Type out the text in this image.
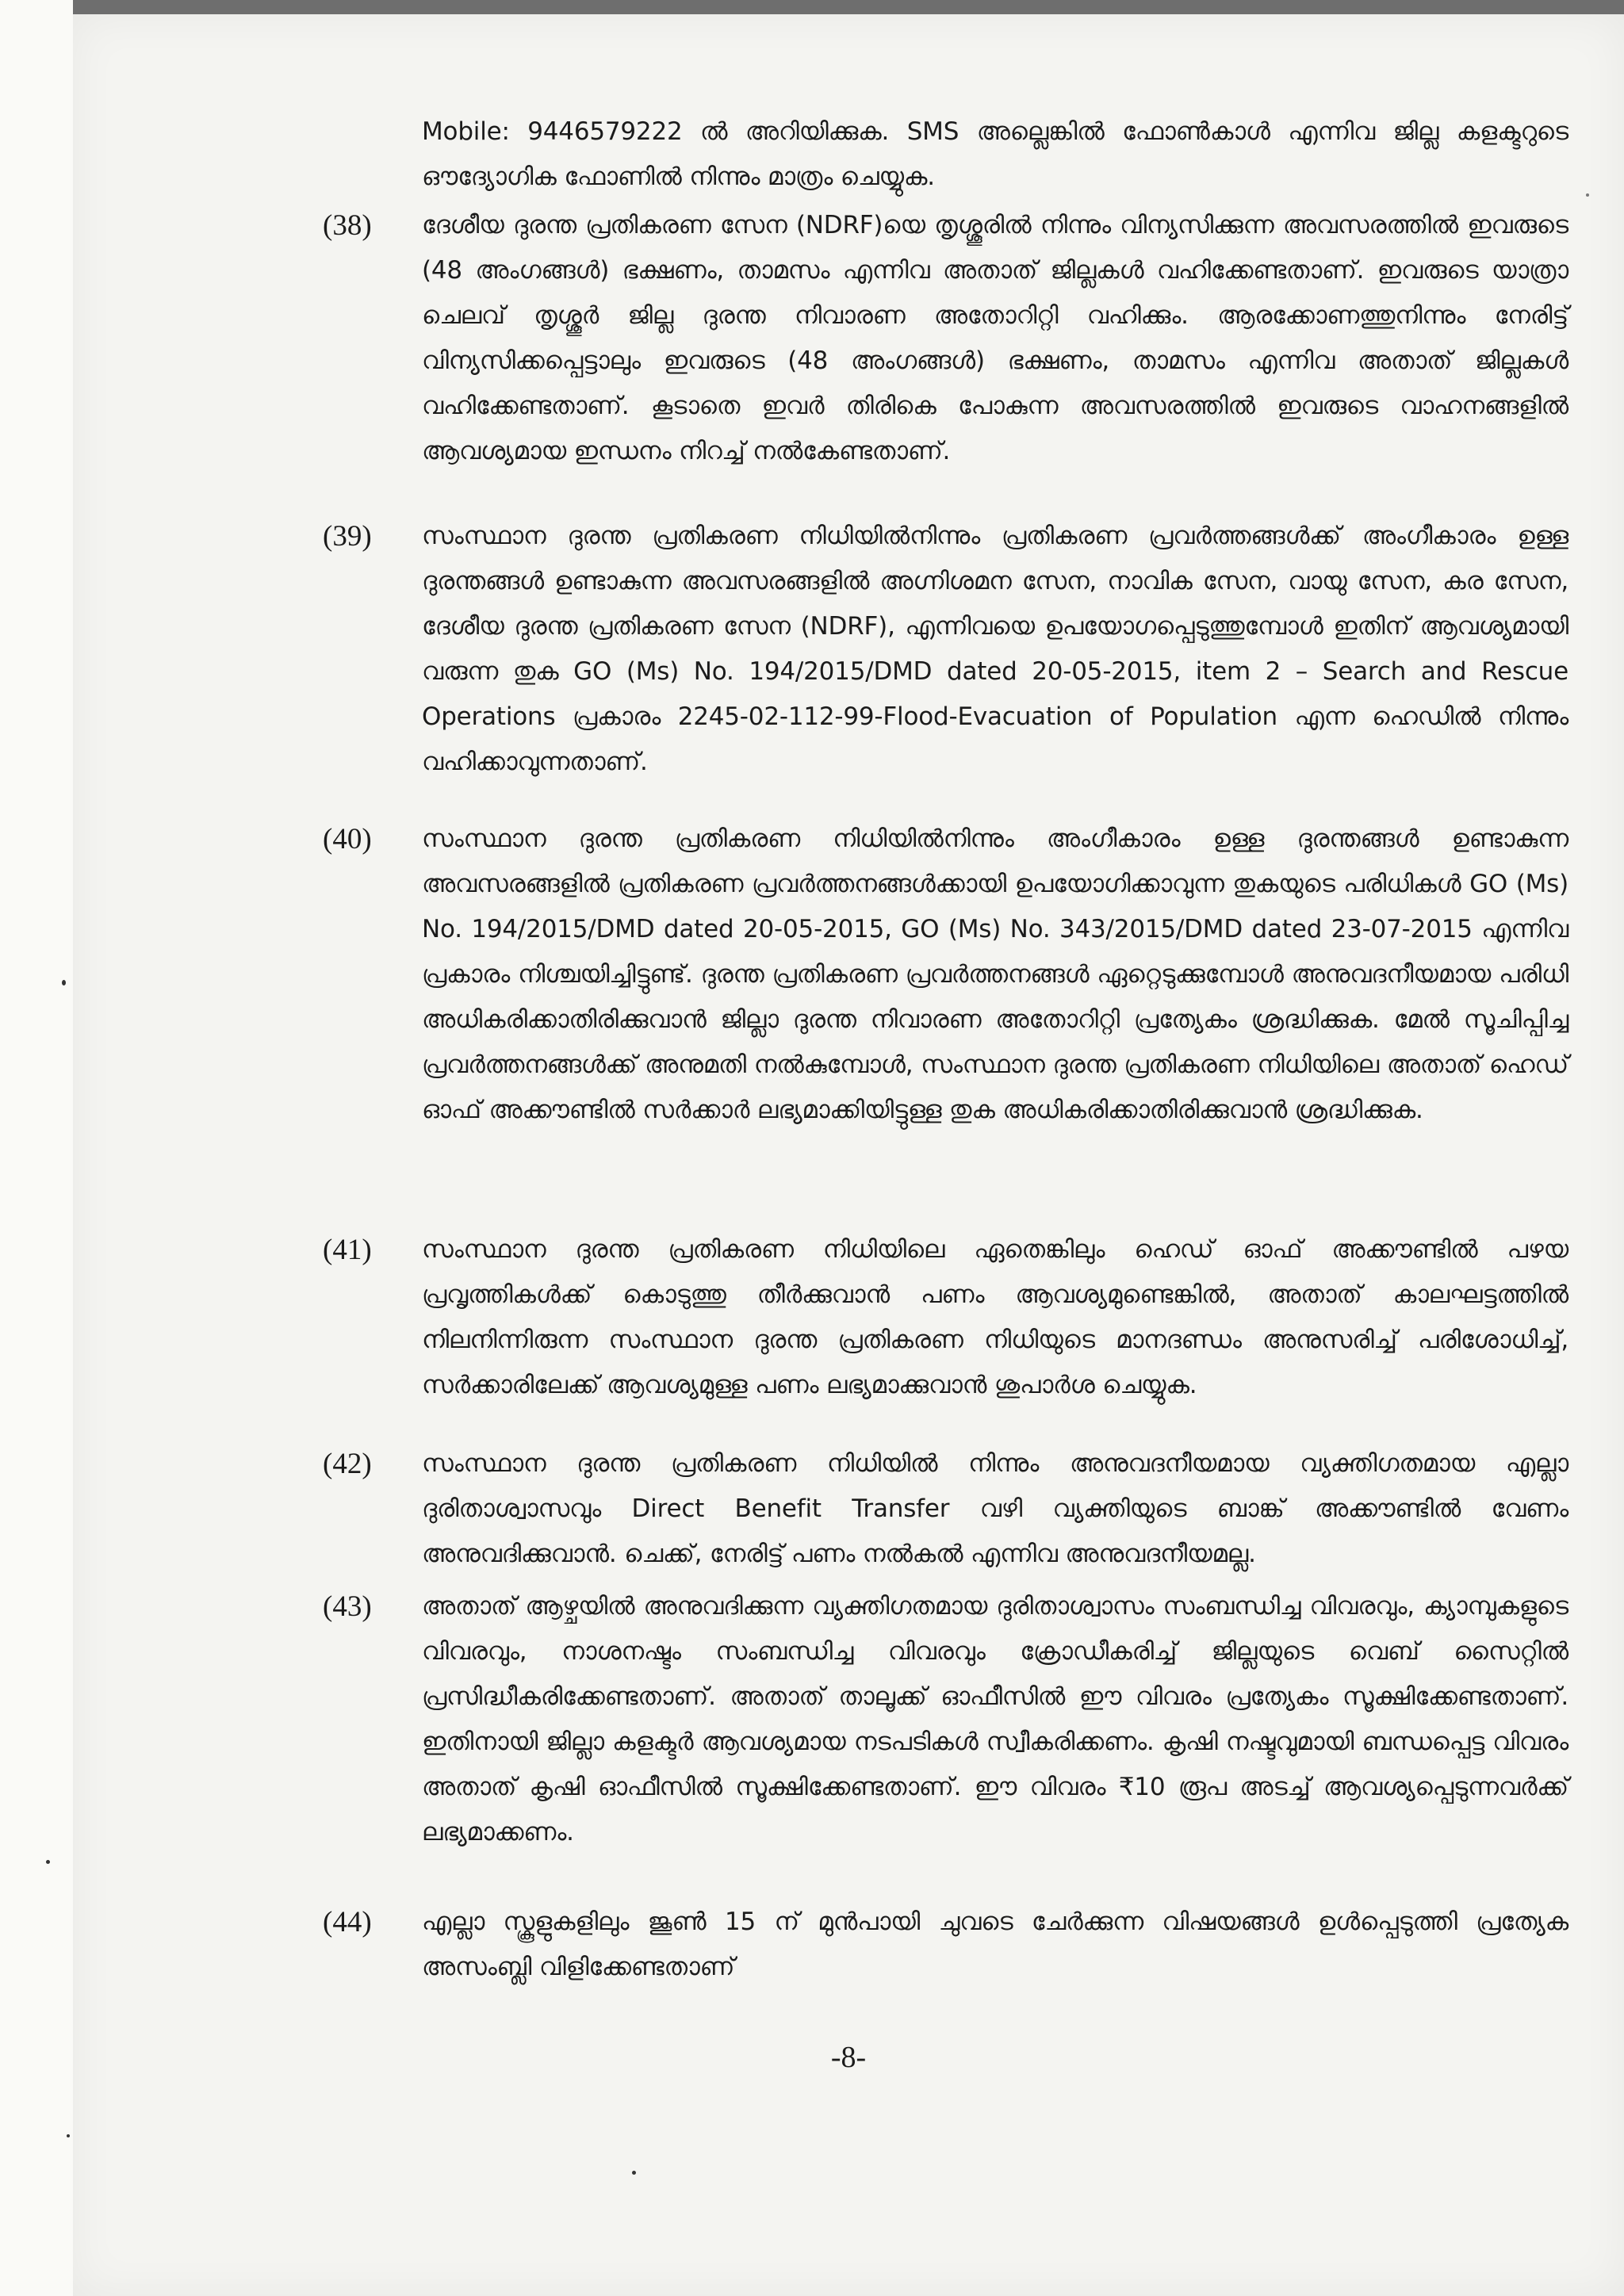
Mobile: 9446579222 ൽ അറിയിക്കുക. SMS അല്ലെങ്കിൽ ഫോൺകാൾ എന്നിവ ജില്ല കളക്ടറുടെ ഔദ്യോഗിക ഫോണിൽ നിന്നും മാത്രം ചെയ്യുക.
(38)	ദേശീയ ദുരന്ത പ്രതികരണ സേന (NDRF)യെ തൃശ്ശൂരിൽ നിന്നും വിന്യസിക്കുന്ന അവസരത്തിൽ ഇവരുടെ (48 അംഗങ്ങൾ) ഭക്ഷണം, താമസം എന്നിവ അതാത് ജില്ലകൾ വഹിക്കേണ്ടതാണ്. ഇവരുടെ യാത്രാ ചെലവ് തൃശ്ശൂർ ജില്ല ദുരന്ത നിവാരണ അതോറിറ്റി വഹിക്കും. ആരക്കോണത്തുനിന്നും നേരിട്ട് വിന്യസിക്കപ്പെട്ടാലും ഇവരുടെ (48 അംഗങ്ങൾ) ഭക്ഷണം, താമസം എന്നിവ അതാത് ജില്ലകൾ വഹിക്കേണ്ടതാണ്. കൂടാതെ ഇവർ തിരികെ പോകുന്ന അവസരത്തിൽ ഇവരുടെ വാഹനങ്ങളിൽ ആവശ്യമായ ഇന്ധനം നിറച്ച് നൽകേണ്ടതാണ്.
(39)	സംസ്ഥാന ദുരന്ത പ്രതികരണ നിധിയിൽനിന്നും പ്രതികരണ പ്രവർത്തങ്ങൾക്ക് അംഗീകാരം ഉള്ള ദുരന്തങ്ങൾ ഉണ്ടാകുന്ന അവസരങ്ങളിൽ അഗ്നിശമന സേന, നാവിക സേന, വായു സേന, കര സേന, ദേശീയ ദുരന്ത പ്രതികരണ സേന (NDRF), എന്നിവയെ ഉപയോഗപ്പെടുത്തുമ്പോൾ ഇതിന് ആവശ്യമായി വരുന്ന തുക GO (Ms) No. 194/2015/DMD dated 20-05-2015, item 2 – Search and Rescue Operations പ്രകാരം 2245-02-112-99-Flood-Evacuation of Population എന്ന ഹെഡിൽ നിന്നും വഹിക്കാവുന്നതാണ്.
(40)	സംസ്ഥാന ദുരന്ത പ്രതികരണ നിധിയിൽനിന്നും അംഗീകാരം ഉള്ള ദുരന്തങ്ങൾ ഉണ്ടാകുന്ന അവസരങ്ങളിൽ പ്രതികരണ പ്രവർത്തനങ്ങൾക്കായി ഉപയോഗിക്കാവുന്ന തുകയുടെ പരിധികൾ GO (Ms) No. 194/2015/DMD dated 20-05-2015, GO (Ms) No. 343/2015/DMD dated 23-07-2015 എന്നിവ പ്രകാരം നിശ്ചയിച്ചിട്ടുണ്ട്. ദുരന്ത പ്രതികരണ പ്രവർത്തനങ്ങൾ ഏറ്റെടുക്കുമ്പോൾ അനുവദനീയമായ പരിധി അധികരിക്കാതിരിക്കുവാൻ ജില്ലാ ദുരന്ത നിവാരണ അതോറിറ്റി പ്രത്യേകം ശ്രദ്ധിക്കുക. മേൽ സൂചിപ്പിച്ച പ്രവർത്തനങ്ങൾക്ക് അനുമതി നൽകുമ്പോൾ, സംസ്ഥാന ദുരന്ത പ്രതികരണ നിധിയിലെ അതാത് ഹെഡ് ഓഫ് അക്കൗണ്ടിൽ സർക്കാർ ലഭ്യമാക്കിയിട്ടുള്ള തുക അധികരിക്കാതിരിക്കുവാൻ ശ്രദ്ധിക്കുക.
(41)	സംസ്ഥാന ദുരന്ത പ്രതികരണ നിധിയിലെ ഏതെങ്കിലും ഹെഡ് ഓഫ് അക്കൗണ്ടിൽ പഴയ പ്രവൃത്തികൾക്ക് കൊടുത്തു തീർക്കുവാൻ പണം ആവശ്യമുണ്ടെങ്കിൽ, അതാത് കാലഘട്ടത്തിൽ നിലനിന്നിരുന്ന സംസ്ഥാന ദുരന്ത പ്രതികരണ നിധിയുടെ മാനദണ്ഡം അനുസരിച്ച് പരിശോധിച്ച്, സർക്കാരിലേക്ക് ആവശ്യമുള്ള പണം ലഭ്യമാക്കുവാൻ ശുപാർശ ചെയ്യുക.
(42)	സംസ്ഥാന ദുരന്ത പ്രതികരണ നിധിയിൽ നിന്നും അനുവദനീയമായ വ്യക്തിഗതമായ എല്ലാ ദുരിതാശ്വാസവും Direct Benefit Transfer വഴി വ്യക്തിയുടെ ബാങ്ക് അക്കൗണ്ടിൽ വേണം അനുവദിക്കുവാൻ. ചെക്ക്, നേരിട്ട് പണം നൽകൽ എന്നിവ അനുവദനീയമല്ല.
(43)	അതാത് ആഴ്ചയിൽ അനുവദിക്കുന്ന വ്യക്തിഗതമായ ദുരിതാശ്വാസം സംബന്ധിച്ച വിവരവും, ക്യാമ്പുകളുടെ വിവരവും, നാശനഷ്ടം സംബന്ധിച്ച വിവരവും ക്രോഡീകരിച്ച് ജില്ലയുടെ വെബ് സൈറ്റിൽ പ്രസിദ്ധീകരിക്കേണ്ടതാണ്. അതാത് താലൂക്ക് ഓഫീസിൽ ഈ വിവരം പ്രത്യേകം സൂക്ഷിക്കേണ്ടതാണ്. ഇതിനായി ജില്ലാ കളക്ടർ ആവശ്യമായ നടപടികൾ സ്വീകരിക്കണം. കൃഷി നഷ്ടവുമായി ബന്ധപ്പെട്ട വിവരം അതാത് കൃഷി ഓഫീസിൽ സൂക്ഷിക്കേണ്ടതാണ്. ഈ വിവരം ₹10 രൂപ അടച്ച് ആവശ്യപ്പെടുന്നവർക്ക് ലഭ്യമാക്കണം.
(44)	എല്ലാ സ്കൂളുകളിലും ജൂൺ 15 ന് മുൻപായി ചുവടെ ചേർക്കുന്ന വിഷയങ്ങൾ ഉൾപ്പെടുത്തി പ്രത്യേക അസംബ്ലി വിളിക്കേണ്ടതാണ്
-8-
